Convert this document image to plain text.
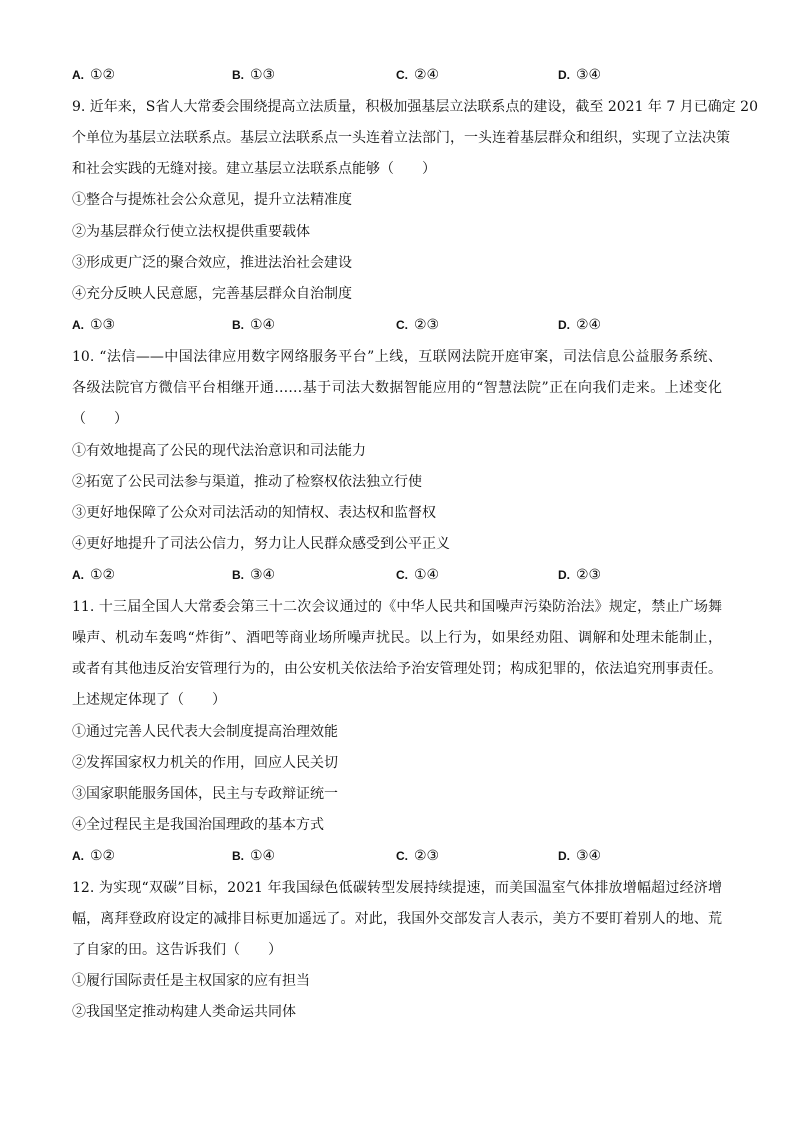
A. ①②	B. ①③	C. ②④	D. ③④
9. 近年来，S省人大常委会围绕提高立法质量，积极加强基层立法联系点的建设，截至 2021 年 7 月已确定 20
个单位为基层立法联系点。基层立法联系点一头连着立法部门，一头连着基层群众和组织，实现了立法决策
和社会实践的无缝对接。建立基层立法联系点能够（　　）
①整合与提炼社会公众意见，提升立法精准度
②为基层群众行使立法权提供重要载体
③形成更广泛的聚合效应，推进法治社会建设
④充分反映人民意愿，完善基层群众自治制度
A. ①③	B. ①④	C. ②③	D. ②④
10. “法信——中国法律应用数字网络服务平台”上线，互联网法院开庭审案，司法信息公益服务系统、
各级法院官方微信平台相继开通……基于司法大数据智能应用的“智慧法院”正在向我们走来。上述变化
（　　）
①有效地提高了公民的现代法治意识和司法能力
②拓宽了公民司法参与渠道，推动了检察权依法独立行使
③更好地保障了公众对司法活动的知情权、表达权和监督权
④更好地提升了司法公信力，努力让人民群众感受到公平正义
A. ①②	B. ③④	C. ①④	D. ②③
11. 十三届全国人大常委会第三十二次会议通过的《中华人民共和国噪声污染防治法》规定，禁止广场舞
噪声、机动车轰鸣“炸街”、酒吧等商业场所噪声扰民。以上行为，如果经劝阻、调解和处理未能制止，
或者有其他违反治安管理行为的，由公安机关依法给予治安管理处罚；构成犯罪的，依法追究刑事责任。
上述规定体现了（　　）
①通过完善人民代表大会制度提高治理效能
②发挥国家权力机关的作用，回应人民关切
③国家职能服务国体，民主与专政辩证统一
④全过程民主是我国治国理政的基本方式
A. ①②	B. ①④	C. ②③	D. ③④
12. 为实现“双碳”目标，2021 年我国绿色低碳转型发展持续提速，而美国温室气体排放增幅超过经济增
幅，离拜登政府设定的减排目标更加遥远了。对此，我国外交部发言人表示，美方不要盯着别人的地、荒
了自家的田。这告诉我们（　　）
①履行国际责任是主权国家的应有担当
②我国坚定推动构建人类命运共同体
